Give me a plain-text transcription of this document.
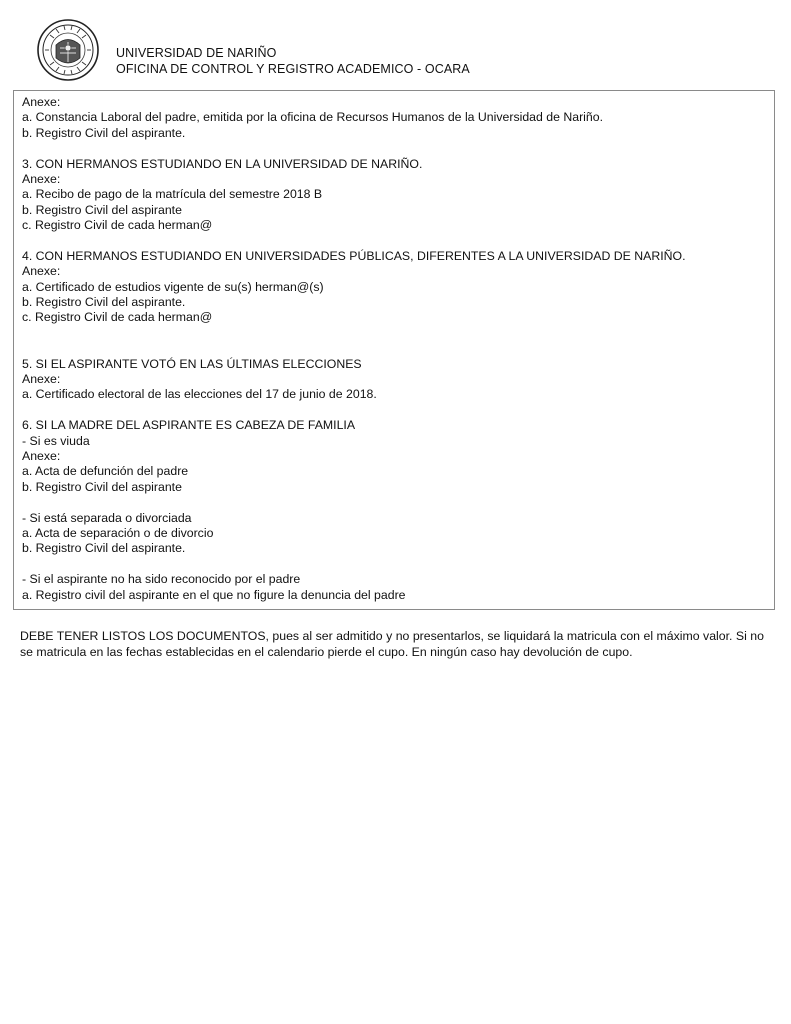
UNIVERSIDAD DE NARIÑO
OFICINA DE CONTROL Y REGISTRO ACADEMICO - OCARA
Anexe:
a. Constancia Laboral del padre, emitida por la oficina de Recursos Humanos de la Universidad de Nariño.
b. Registro Civil del aspirante.
3. CON HERMANOS ESTUDIANDO EN LA UNIVERSIDAD DE NARIÑO.
Anexe:
a. Recibo de pago de la matrícula del semestre 2018 B
b. Registro Civil del aspirante
c. Registro Civil de cada herman@
4. CON HERMANOS ESTUDIANDO EN UNIVERSIDADES PÚBLICAS, DIFERENTES A LA UNIVERSIDAD DE NARIÑO.
Anexe:
a. Certificado de estudios vigente de su(s) herman@(s)
b. Registro Civil del aspirante.
c. Registro Civil de cada herman@
5. SI EL ASPIRANTE VOTÓ EN LAS ÚLTIMAS ELECCIONES
Anexe:
a. Certificado electoral de las elecciones del 17 de junio de 2018.
6. SI LA MADRE DEL ASPIRANTE ES CABEZA DE FAMILIA
- Si es viuda
Anexe:
a. Acta de defunción del padre
b. Registro Civil del aspirante
- Si está separada o divorciada
a. Acta de separación o de divorcio
b. Registro Civil del aspirante.
- Si el aspirante no ha sido reconocido por el padre
a. Registro civil del aspirante en el que no figure la denuncia del padre
DEBE TENER LISTOS LOS DOCUMENTOS, pues al ser admitido y no presentarlos, se liquidará la matricula con el máximo valor. Si no se matricula en las fechas establecidas en el calendario pierde el cupo. En ningún caso hay devolución de cupo.
